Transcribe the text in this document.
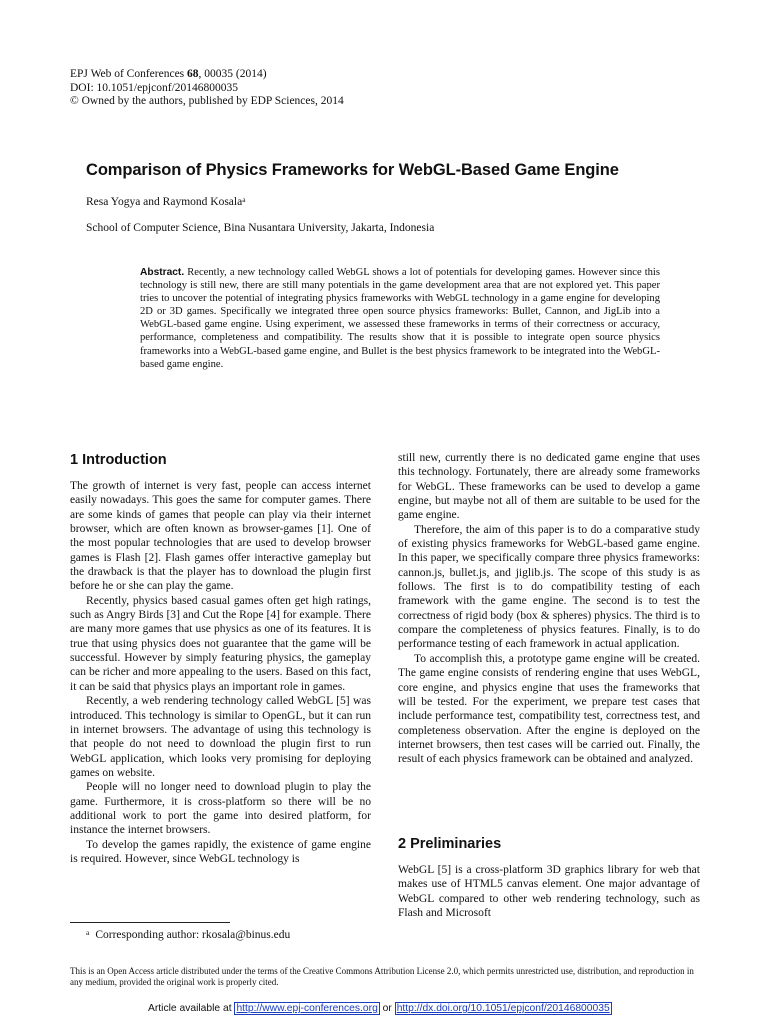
EPJ Web of Conferences 68, 00035 (2014)
DOI: 10.1051/epjconf/20146800035
© Owned by the authors, published by EDP Sciences, 2014
Comparison of Physics Frameworks for WebGL-Based Game Engine
Resa Yogya and Raymond Kosala$^a$
School of Computer Science, Bina Nusantara University, Jakarta, Indonesia
Abstract. Recently, a new technology called WebGL shows a lot of potentials for developing games. However since this technology is still new, there are still many potentials in the game development area that are not explored yet. This paper tries to uncover the potential of integrating physics frameworks with WebGL technology in a game engine for developing 2D or 3D games. Specifically we integrated three open source physics frameworks: Bullet, Cannon, and JigLib into a WebGL-based game engine. Using experiment, we assessed these frameworks in terms of their correctness or accuracy, performance, completeness and compatibility. The results show that it is possible to integrate open source physics frameworks into a WebGL-based game engine, and Bullet is the best physics framework to be integrated into the WebGL-based game engine.
1 Introduction

The growth of internet is very fast, people can access internet easily nowadays. This goes the same for computer games. There are some kinds of games that people can play via their internet browser, which are often known as browser-games [1]. One of the most popular technologies that are used to develop browser games is Flash [2]. Flash games offer interactive gameplay but the drawback is that the player has to download the plugin first before he or she can play the game.

Recently, physics based casual games often get high ratings, such as Angry Birds [3] and Cut the Rope [4] for example. There are many more games that use physics as one of its features. It is true that using physics does not guarantee that the game will be successful. However by simply featuring physics, the gameplay can be richer and more appealing to the users. Based on this fact, it can be said that physics plays an important role in games.

Recently, a web rendering technology called WebGL [5] was introduced. This technology is similar to OpenGL, but it can run in internet browsers. The advantage of using this technology is that people do not need to download the plugin first to run WebGL application, which looks very promising for deploying games on website.

People will no longer need to download plugin to play the game. Furthermore, it is cross-platform so there will be no additional work to port the game into desired platform, for instance the internet browsers.

To develop the games rapidly, the existence of game engine is required. However, since WebGL technology is

still new, currently there is no dedicated game engine that uses this technology. Fortunately, there are already some frameworks for WebGL. These frameworks can be used to develop a game engine, but maybe not all of them are suitable to be used for the game engine.

Therefore, the aim of this paper is to do a comparative study of existing physics frameworks for WebGL-based game engine. In this paper, we specifically compare three physics frameworks: cannon.js, bullet.js, and jiglib.js. The scope of this study is as follows. The first is to do compatibility testing of each framework with the game engine. The second is to test the correctness of rigid body (box & spheres) physics. The third is to compare the completeness of physics features. Finally, is to do performance testing of each framework in actual application.

To accomplish this, a prototype game engine will be created. The game engine consists of rendering engine that uses WebGL, core engine, and physics engine that uses the frameworks that will be tested. For the experiment, we prepare test cases that include performance test, compatibility test, correctness test, and completeness observation. After the engine is deployed on the internet browsers, then test cases will be carried out. Finally, the result of each physics framework can be obtained and analyzed.

2 Preliminaries

WebGL [5] is a cross-platform 3D graphics library for web that makes use of HTML5 canvas element. One major advantage of WebGL compared to other web rendering technology, such as Flash and Microsoft

$^a$ Corresponding author: rkosala@binus.edu
This is an Open Access article distributed under the terms of the Creative Commons Attribution License 2.0, which permits unrestricted use, distribution, and reproduction in any medium, provided the original work is properly cited.
Article available at http://www.epj-conferences.org or http://dx.doi.org/10.1051/epjconf/20146800035
